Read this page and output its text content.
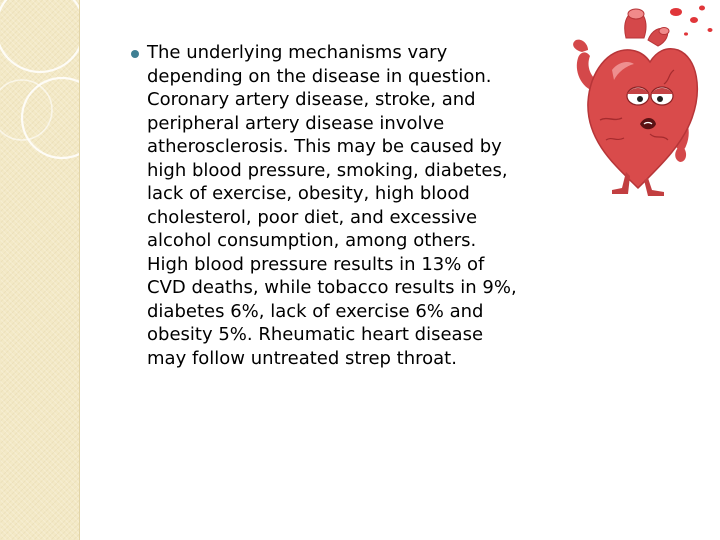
The underlying mechanisms vary depending on the disease in question. Coronary artery disease, stroke, and peripheral artery disease involve atherosclerosis. This may be caused by high blood pressure, smoking, diabetes, lack of exercise, obesity, high blood cholesterol, poor diet, and excessive alcohol consumption, among others. High blood pressure results in 13% of CVD deaths, while tobacco results in 9%, diabetes 6%, lack of exercise 6% and obesity 5%. Rheumatic heart disease may follow untreated strep throat.
